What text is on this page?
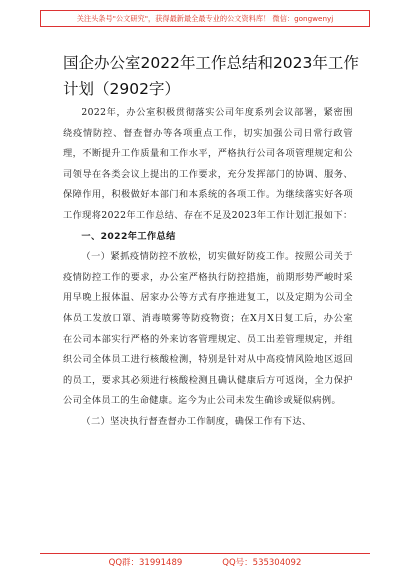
关注头条号"公文研究"，获得最新最全最专业的公文资料库！ 微信：gongwenyj
国企办公室2022年工作总结和2023年工作计划（2902字）

2022年，办公室积极贯彻落实公司年度系列会议部署，紧密围绕疫情防控、督查督办等各项重点工作，切实加强公司日常行政管理，不断提升工作质量和工作水平，严格执行公司各项管理规定和公司领导在各类会议上提出的工作要求，充分发挥部门的协调、服务、保障作用，积极做好本部门和本系统的各项工作。为继续落实好各项工作现将2022年工作总结、存在不足及2023年工作计划汇报如下：

一、2022年工作总结

（一）紧抓疫情防控不放松，切实做好防疫工作。按照公司关于疫情防控工作的要求，办公室严格执行防控措施，前期形势严峻时采用早晚上报体温、居家办公等方式有序推进复工，以及定期为公司全体员工发放口罩、消毒喷雾等防疫物资；在X月X日复工后，办公室在公司本部实行严格的外来访客管理规定、员工出差管理规定，并组织公司全体员工进行核酸检测，特别是针对从中高疫情风险地区返回的员工，要求其必须进行核酸检测且确认健康后方可返岗，全力保护公司全体员工的生命健康。迄今为止公司未发生确诊或疑似病例。

（二）坚决执行督查督办工作制度，确保工作有下达、

QQ群：31991489	QQ号：535304092
